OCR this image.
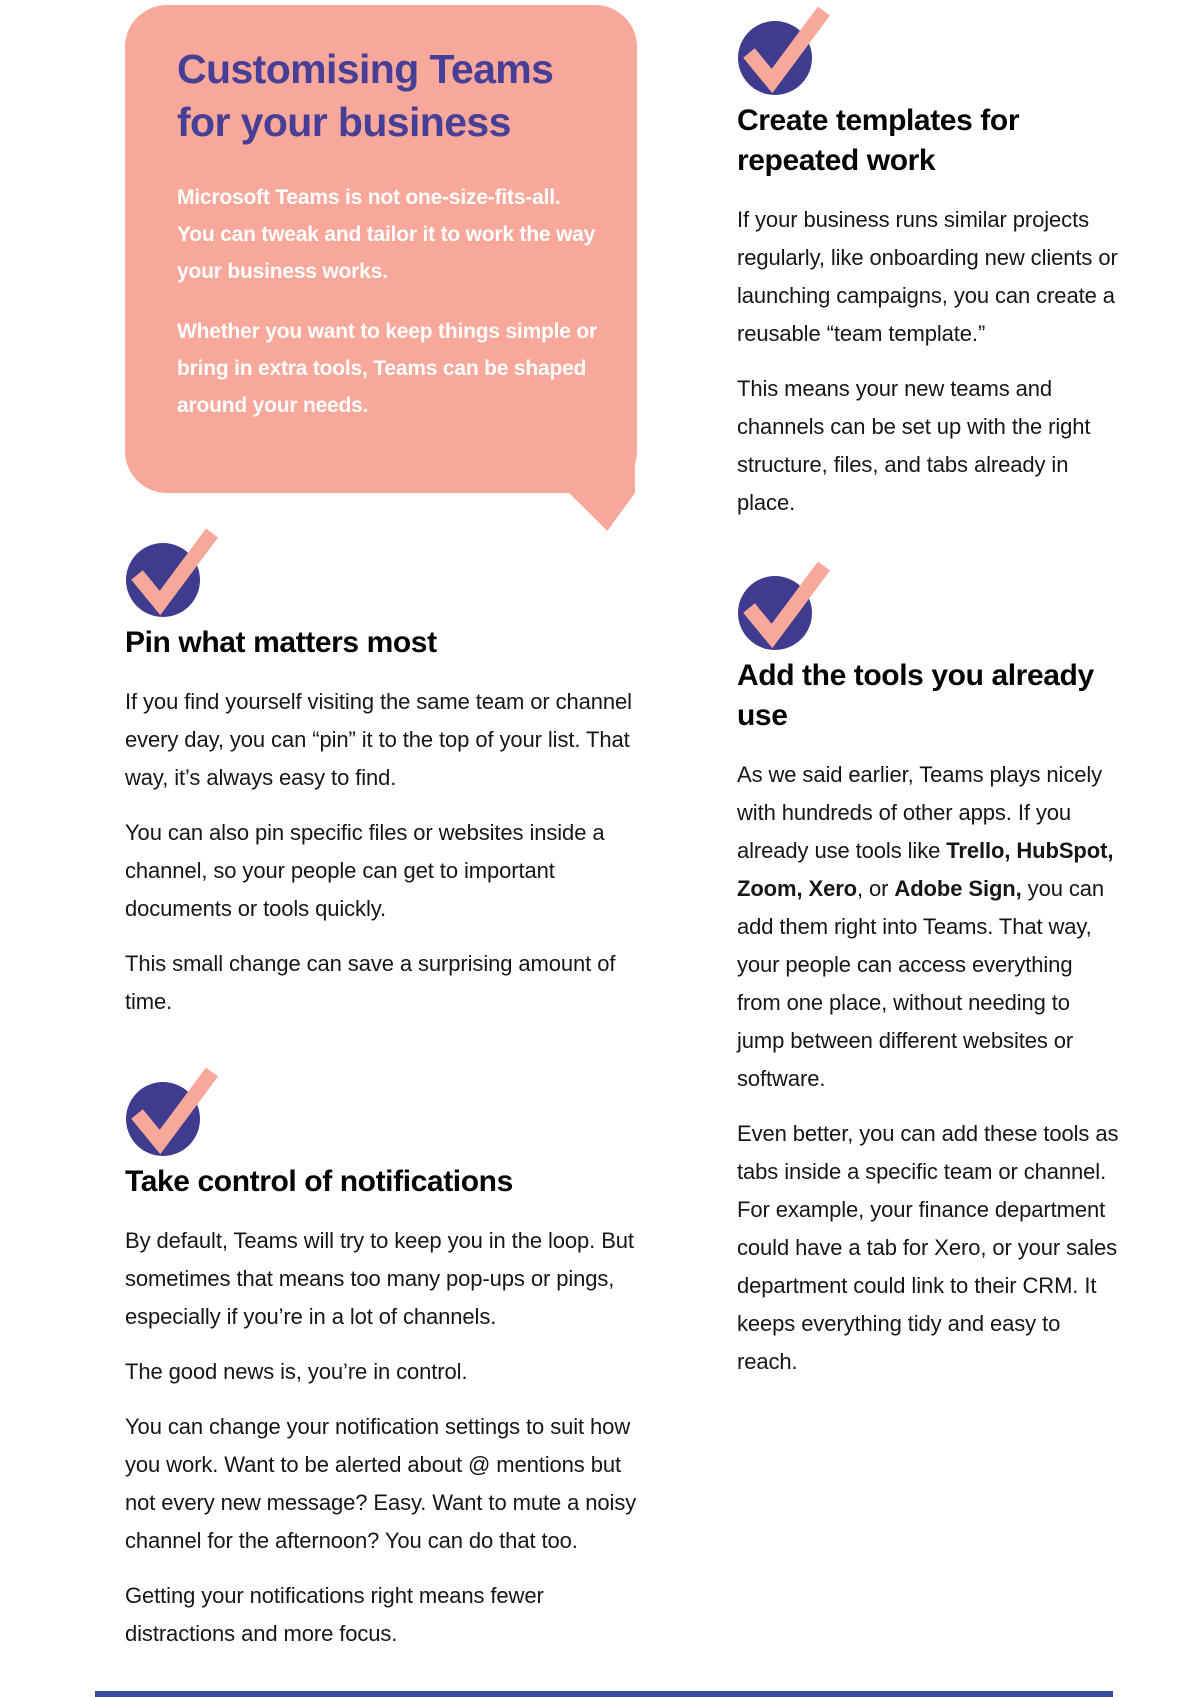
Customising Teams for your business

Microsoft Teams is not one-size-fits-all. You can tweak and tailor it to work the way your business works.

Whether you want to keep things simple or bring in extra tools, Teams can be shaped around your needs.

Pin what matters most

If you find yourself visiting the same team or channel every day, you can “pin” it to the top of your list. That way, it’s always easy to find.

You can also pin specific files or websites inside a channel, so your people can get to important documents or tools quickly.

This small change can save a surprising amount of time.

Take control of notifications

By default, Teams will try to keep you in the loop. But sometimes that means too many pop-ups or pings, especially if you’re in a lot of channels.

The good news is, you’re in control.

You can change your notification settings to suit how you work. Want to be alerted about @ mentions but not every new message? Easy. Want to mute a noisy channel for the afternoon? You can do that too.

Getting your notifications right means fewer distractions and more focus.

Create templates for repeated work

If your business runs similar projects regularly, like onboarding new clients or launching campaigns, you can create a reusable “team template.”

This means your new teams and channels can be set up with the right structure, files, and tabs already in place.

Add the tools you already use

As we said earlier, Teams plays nicely with hundreds of other apps. If you already use tools like Trello, HubSpot, Zoom, Xero, or Adobe Sign, you can add them right into Teams. That way, your people can access everything from one place, without needing to jump between different websites or software.

Even better, you can add these tools as tabs inside a specific team or channel. For example, your finance department could have a tab for Xero, or your sales department could link to their CRM. It keeps everything tidy and easy to reach.
